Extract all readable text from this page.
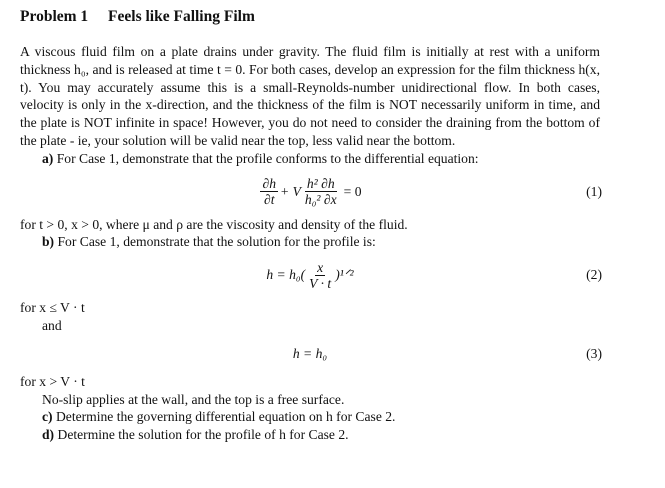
Problem 1 Feels like Falling Film

A viscous fluid film on a plate drains under gravity. The fluid film is initially at rest with a uniform thickness h₀, and is released at time t = 0. For both cases, develop an expression for the film thickness h(x, t). You may accurately assume this is a small-Reynolds-number unidirectional flow. In both cases, velocity is only in the x-direction, and the thickness of the film is NOT necessarily uniform in time, and the plate is NOT infinite in space! However, you do not need to consider the draining from the bottom of the plate - ie, your solution will be valid near the top, less valid near the bottom.

a) For Case 1, demonstrate that the profile conforms to the differential equation:

$\frac{\partial h}{\partial t} + V \frac{\text{h² ∂h}}{\text{h₀² ∂x}} = 0$	(1)

for t > 0, x > 0, where μ and ρ are the viscosity and density of the fluid.

b) For Case 1, demonstrate that the solution for the profile is:

$h = h_0( \frac{x}{V \cdot t}$ )¹ᐟ²	(2)

for x ≤ V · t

and

h = h₀	(3)

for x > V · t

No-slip applies at the wall, and the top is a free surface.

c) Determine the governing differential equation on h for Case 2.

d) Determine the solution for the profile of h for Case 2.
